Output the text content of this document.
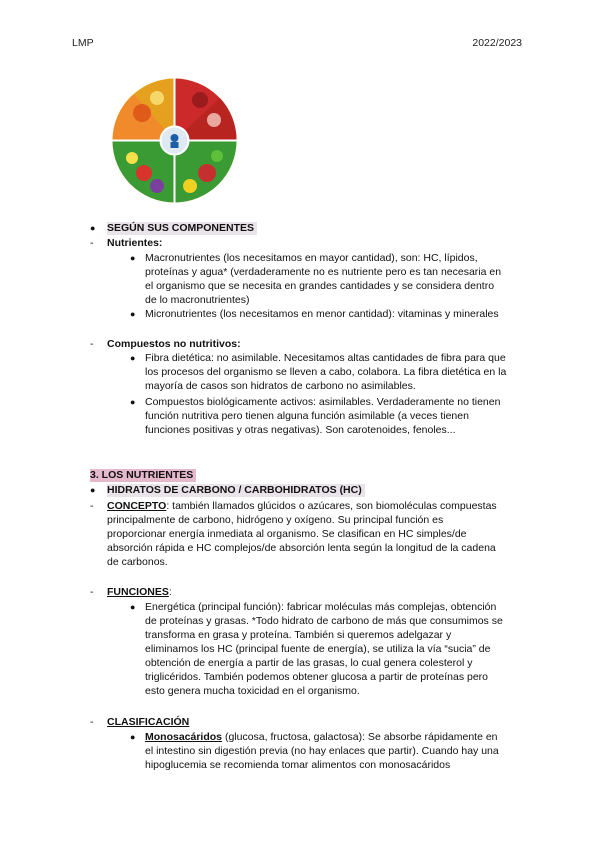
LMP	2022/2023
● SEGÚN SUS COMPONENTES
- Nutrientes:
● Macronutrientes (los necesitamos en mayor cantidad), son: HC, lípidos,
proteínas y agua* (verdaderamente no es nutriente pero es tan necesaria en
el organismo que se necesita en grandes cantidades y se considera dentro
de lo macronutrientes)
● Micronutrientes (los necesitamos en menor cantidad): vitaminas y minerales
- Compuestos no nutritivos:
● Fibra dietética: no asimilable. Necesitamos altas cantidades de fibra para que
los procesos del organismo se lleven a cabo, colabora. La fibra dietética en la
mayoría de casos son hidratos de carbono no asimilables.
● Compuestos biológicamente activos: asimilables. Verdaderamente no tienen
función nutritiva pero tienen alguna función asimilable (a veces tienen
funciones positivas y otras negativas). Son carotenoides, fenoles...
3. LOS NUTRIENTES
● HIDRATOS DE CARBONO / CARBOHIDRATOS (HC)
- CONCEPTO: también llamados glúcidos o azúcares, son biomoléculas compuestas
principalmente de carbono, hidrógeno y oxígeno. Su principal función es
proporcionar energía inmediata al organismo. Se clasifican en HC simples/de
absorción rápida e HC complejos/de absorción lenta según la longitud de la cadena
de carbonos.
- FUNCIONES:
● Energética (principal función): fabricar moléculas más complejas, obtención
de proteínas y grasas. *Todo hidrato de carbono de más que consumimos se
transforma en grasa y proteína. También si queremos adelgazar y
eliminamos los HC (principal fuente de energía), se utiliza la vía “sucia” de
obtención de energía a partir de las grasas, lo cual genera colesterol y
triglicéridos. También podemos obtener glucosa a partir de proteínas pero
esto genera mucha toxicidad en el organismo.
- CLASIFICACIÓN
● Monosacáridos (glucosa, fructosa, galactosa): Se absorbe rápidamente en
el intestino sin digestión previa (no hay enlaces que partir). Cuando hay una
hipoglucemia se recomienda tomar alimentos con monosacáridos
